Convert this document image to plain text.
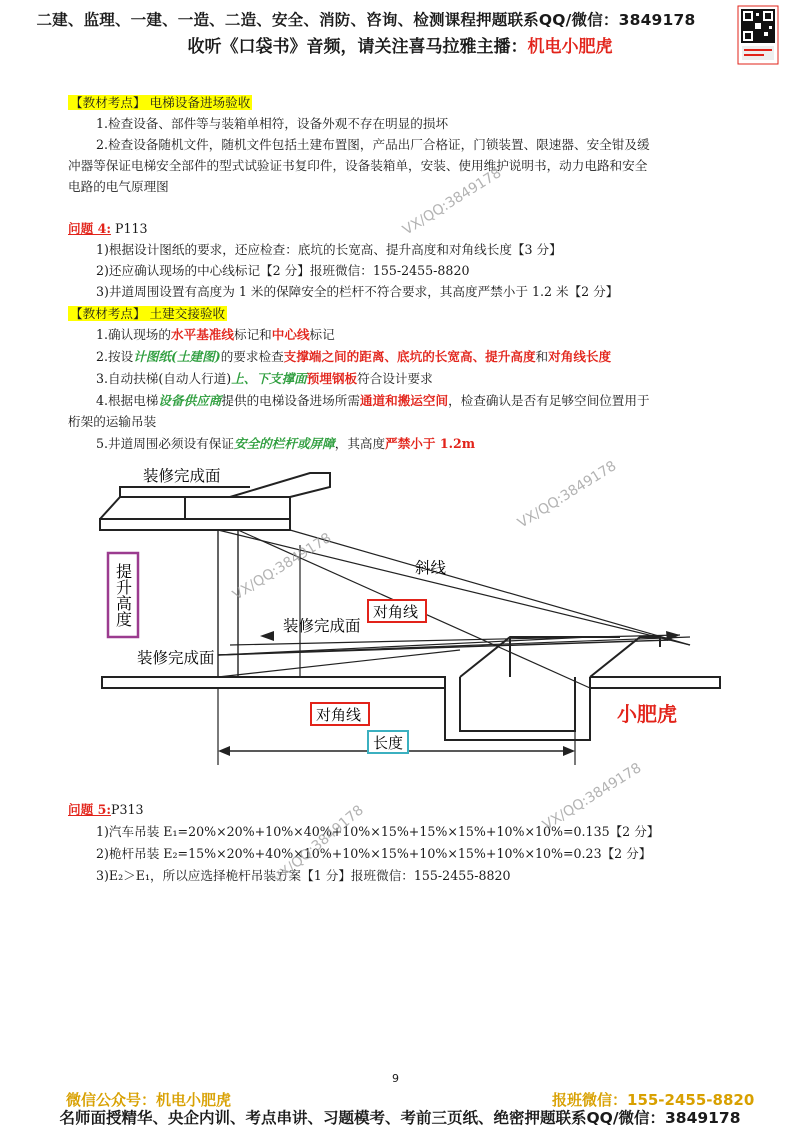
二建、监理、一建、一造、二造、安全、消防、咨询、检测课程押题联系QQ/微信：3849178
收听《口袋书》音频，请关注喜马拉雅主播：机电小肥虎
【教材考点】 电梯设备进场验收
1.检查设备、部件等与装箱单相符，设备外观不存在明显的损坏
2.检查设备随机文件，随机文件包括土建布置图，产品出厂合格证，门锁装置、限速器、安全钳及缓
冲器等保证电梯安全部件的型式试验证书复印件，设备装箱单，安装、使用维护说明书，动力电路和安全
电路的电气原理图
问题 4: P113
1)根据设计图纸的要求，还应检查：底坑的长宽高、提升高度和对角线长度【3 分】
2)还应确认现场的中心线标记【2 分】报班微信：155-2455-8820
3)井道周围设置有高度为 1 米的保障安全的栏杆不符合要求，其高度严禁小于 1.2 米【2 分】
【教材考点】 土建交接验收
1.确认现场的水平基准线标记和中心线标记
2.按设计图纸(土建图)的要求检查支撑端之间的距离、底坑的长宽高、提升高度和对角线长度
3.自动扶梯(自动人行道)上、下支撑面预埋钢板符合设计要求
4.根据电梯设备供应商提供的电梯设备进场所需通道和搬运空间，检查确认是否有足够空间位置用于
桁架的运输吊装
5.井道周围必须设有保证安全的栏杆或屏障，其高度严禁小于 1.2m
提升高度
装修完成面
斜线
对角线
装修完成面
装修完成面
对角线
长度
小肥虎
问题 5:P313
1)汽车吊装 E₁=20%×20%+10%×40%+10%×15%+15%×15%+10%×10%=0.135【2 分】
2)桅杆吊装 E₂=15%×20%+40%×10%+10%×15%+10%×15%+10%×10%=0.23【2 分】
3)E₂＞E₁，所以应选择桅杆吊装方案【1 分】报班微信：155-2455-8820
VX/QQ:3849178
VX/QQ:3849178
VX/QQ:3849178
VX/QQ:3849178
VX/QQ:3849178
9
微信公众号：机电小肥虎	报班微信：155-2455-8820
名师面授精华、央企内训、考点串讲、习题模考、考前三页纸、绝密押题联系QQ/微信：3849178
